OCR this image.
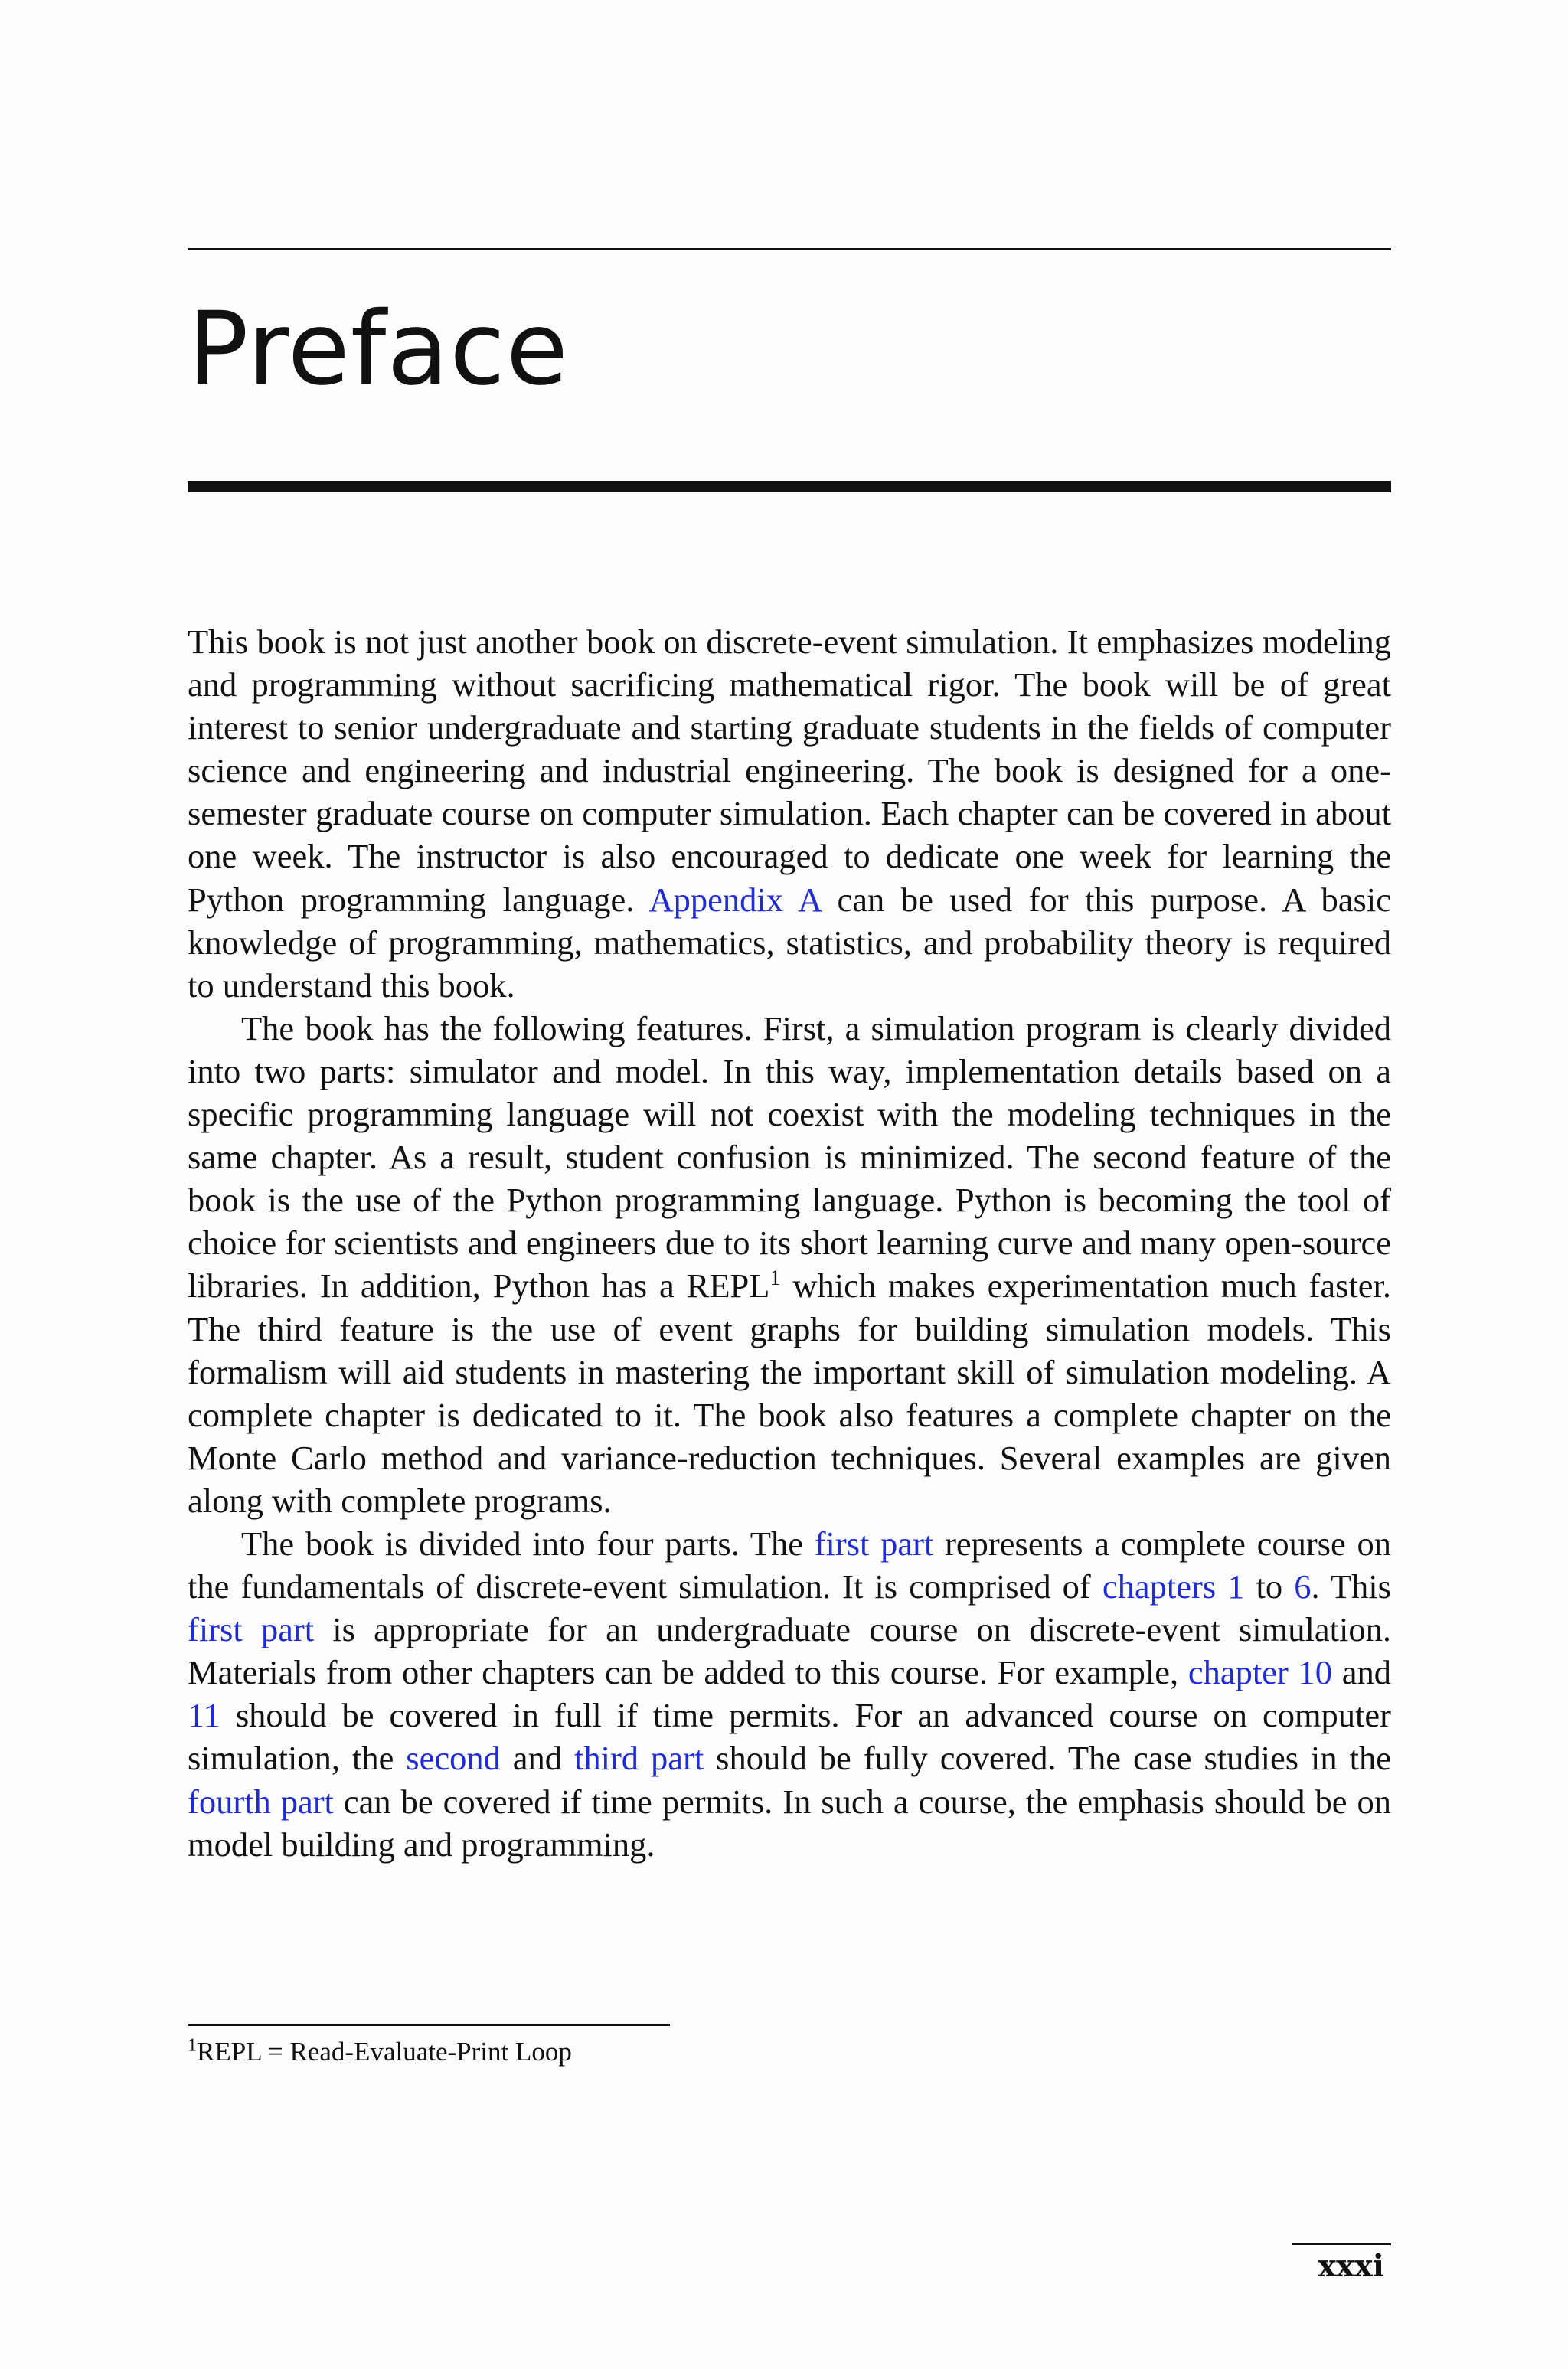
Preface

This book is not just another book on discrete-event simulation. It emphasizes modeling and programming without sacrificing mathematical rigor. The book will be of great interest to senior undergraduate and starting graduate students in the fields of computer science and engineering and industrial engineering. The book is designed for a one-semester graduate course on computer simulation. Each chapter can be covered in about one week. The instructor is also encouraged to dedicate one week for learning the Python programming language. Appendix A can be used for this purpose. A basic knowledge of programming, mathematics, statistics, and probability theory is required to understand this book.

The book has the following features. First, a simulation program is clearly divided into two parts: simulator and model. In this way, implementation details based on a specific programming language will not coexist with the modeling techniques in the same chapter. As a result, student confusion is minimized. The second feature of the book is the use of the Python programming language. Python is becoming the tool of choice for scientists and engineers due to its short learning curve and many open-source libraries. In addition, Python has a REPL$^1$ which makes experimentation much faster. The third feature is the use of event graphs for building simulation models. This formalism will aid students in mastering the important skill of simulation modeling. A complete chapter is dedicated to it. The book also features a complete chapter on the Monte Carlo method and variance-reduction techniques. Several examples are given along with complete programs.

The book is divided into four parts. The first part represents a complete course on the fundamentals of discrete-event simulation. It is comprised of chapters 1 to 6. This first part is appropriate for an undergraduate course on discrete-event simulation. Materials from other chapters can be added to this course. For example, chapter 10 and 11 should be covered in full if time permits. For an advanced course on computer simulation, the second and third part should be fully covered. The case studies in the fourth part can be covered if time permits. In such a course, the emphasis should be on model building and programming.

$^1$REPL = Read-Evaluate-Print Loop
xxxi
